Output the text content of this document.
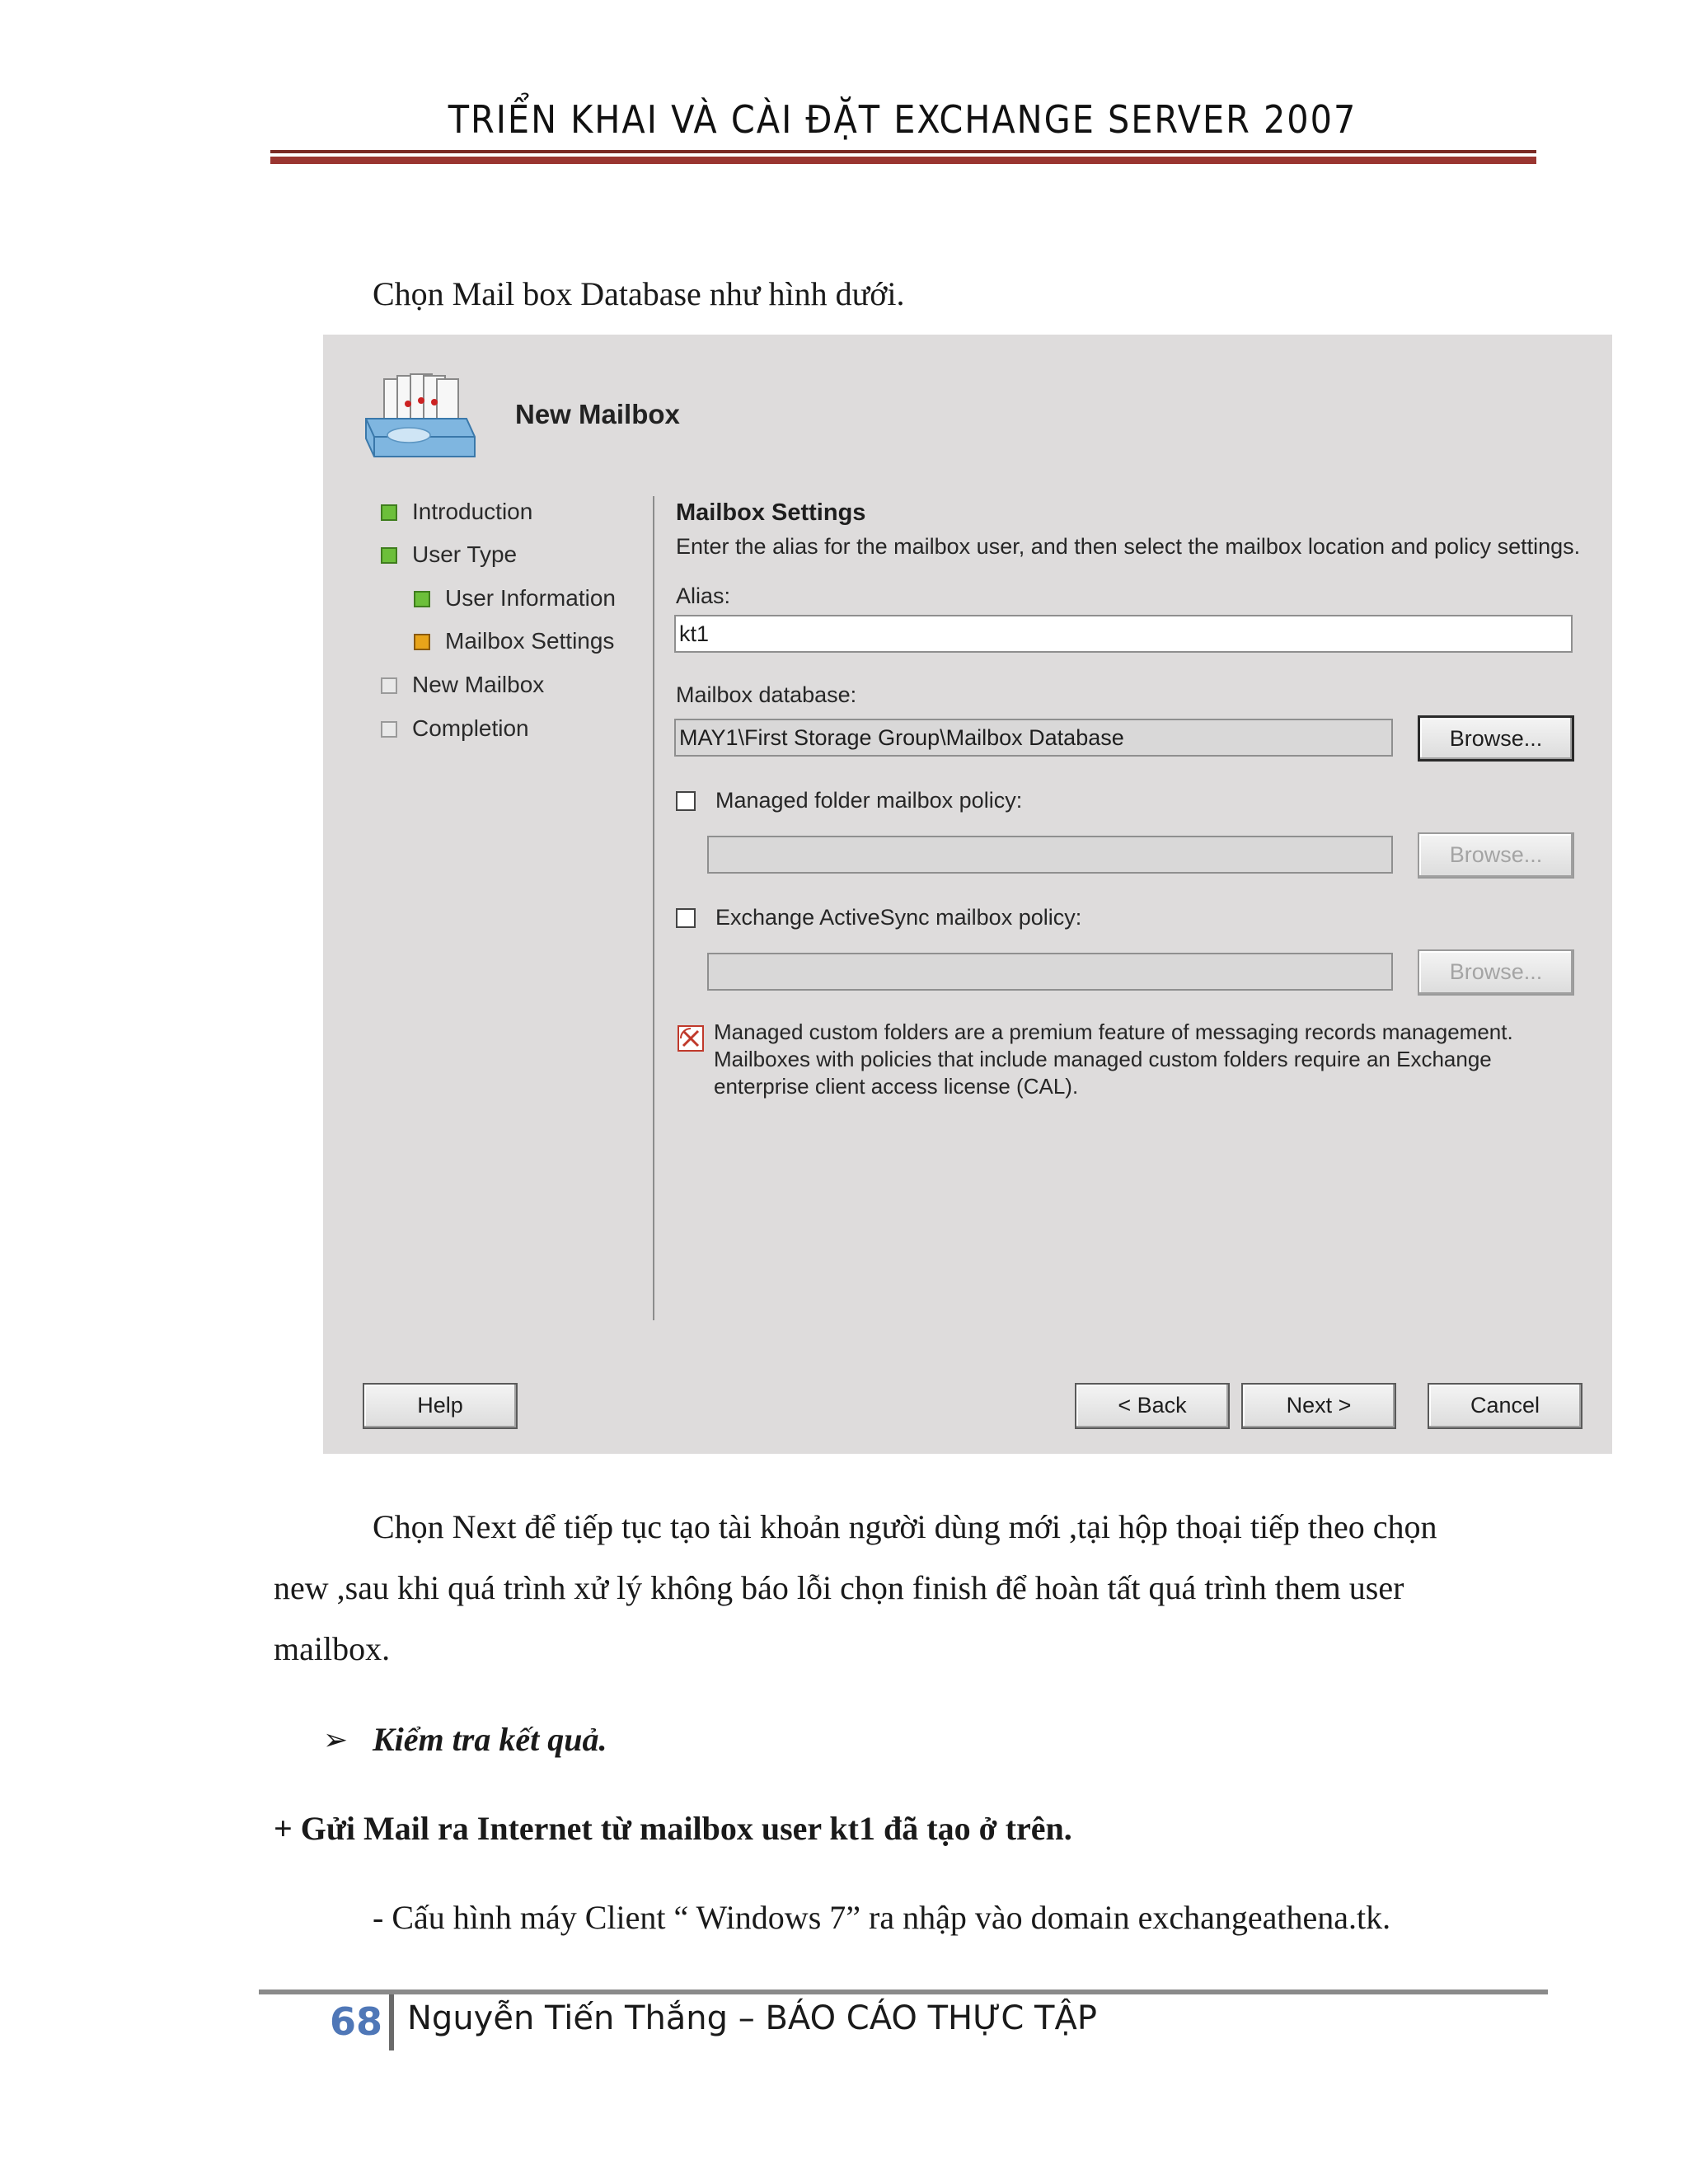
TRIỂN KHAI VÀ CÀI ĐẶT EXCHANGE SERVER 2007
Chọn Mail box Database như hình dưới.
New Mailbox
Introduction
User Type
User Information
Mailbox Settings
New Mailbox
Completion
Mailbox Settings
Enter the alias for the mailbox user, and then select the mailbox location and policy settings.
Alias:
kt1
Mailbox database:
MAY1\First Storage Group\Mailbox Database	Browse...
Managed folder mailbox policy:
Browse...
Exchange ActiveSync mailbox policy:
Browse...
Managed custom folders are a premium feature of messaging records management.
Mailboxes with policies that include managed custom folders require an Exchange
enterprise client access license (CAL).
Help	< Back	Next >	Cancel
Chọn Next để tiếp tục tạo tài khoản người dùng mới ,tại hộp thoại tiếp theo chọn
new ,sau khi quá trình xử lý không báo lỗi chọn finish để hoàn tất quá trình them user
mailbox.
➢ Kiểm tra kết quả.
+ Gửi Mail ra Internet từ mailbox user kt1 đã tạo ở trên.
- Cấu hình máy Client “ Windows 7” ra nhập vào domain exchangeathena.tk.
68 Nguyễn Tiến Thắng – BÁO CÁO THỰC TẬP
